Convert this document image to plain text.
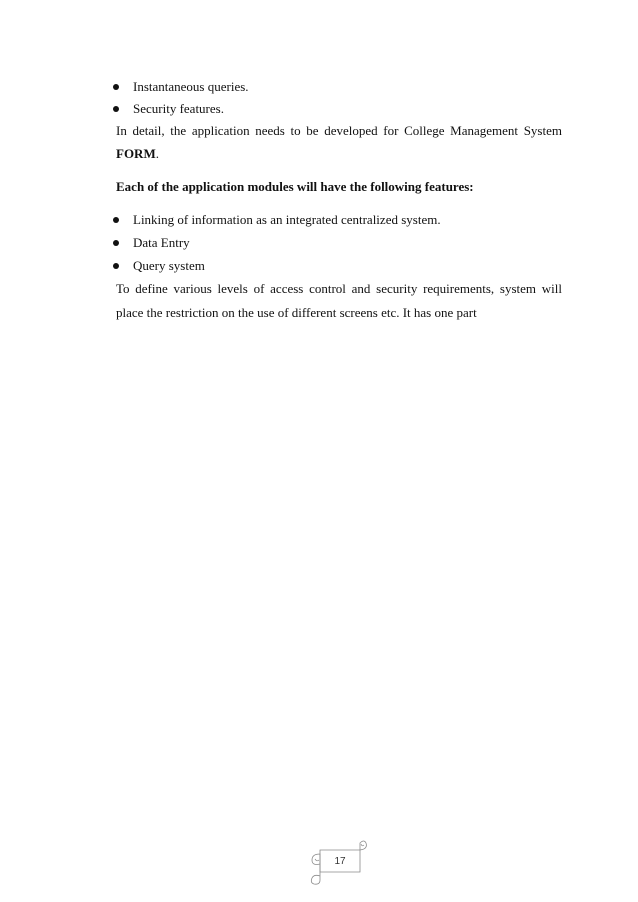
Instantaneous queries.
Security features.
In detail, the application needs to be developed for College Management System
FORM.
Each of the application modules will have the following features:
Linking of information as an integrated centralized system.
Data Entry
Query system
To define various levels of access control and security requirements, system will
place the restriction on the use of different screens etc. It has one part
17
